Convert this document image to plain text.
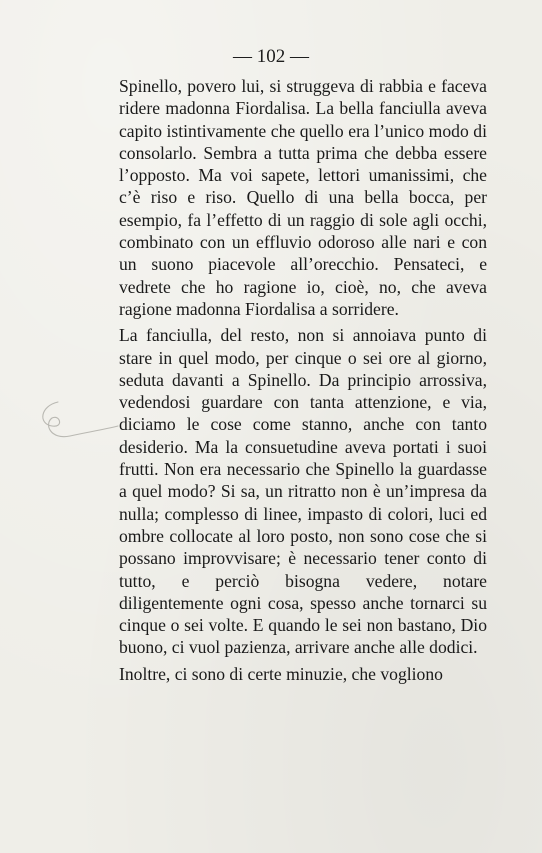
— 102 —

Spinello, povero lui, si struggeva di rabbia e faceva ridere madonna Fiordalisa. La bella fanciulla aveva capito istintivamente che quello era l’unico modo di consolarlo. Sembra a tutta prima che debba essere l’opposto. Ma voi sapete, lettori umanissimi, che c’è riso e riso. Quello di una bella bocca, per esempio, fa l’effetto di un raggio di sole agli occhi, combinato con un effluvio odoroso alle nari e con un suono piacevole all’orecchio. Pensateci, e vedrete che ho ragione io, cioè, no, che aveva ragione madonna Fiordalisa a sorridere.

La fanciulla, del resto, non si annoiava punto di stare in quel modo, per cinque o sei ore al giorno, seduta davanti a Spinello. Da principio arrossiva, vedendosi guardare con tanta attenzione, e via, diciamo le cose come stanno, anche con tanto desiderio. Ma la consuetudine aveva portati i suoi frutti. Non era necessario che Spinello la guardasse a quel modo? Si sa, un ritratto non è un’impresa da nulla; complesso di linee, impasto di colori, luci ed ombre collocate al loro posto, non sono cose che si possano improvvisare; è necessario tener conto di tutto, e perciò bisogna vedere, notare diligentemente ogni cosa, spesso anche tornarci su cinque o sei volte. E quando le sei non bastano, Dio buono, ci vuol pazienza, arrivare anche alle dodici.

Inoltre, ci sono di certe minuzie, che vogliono
